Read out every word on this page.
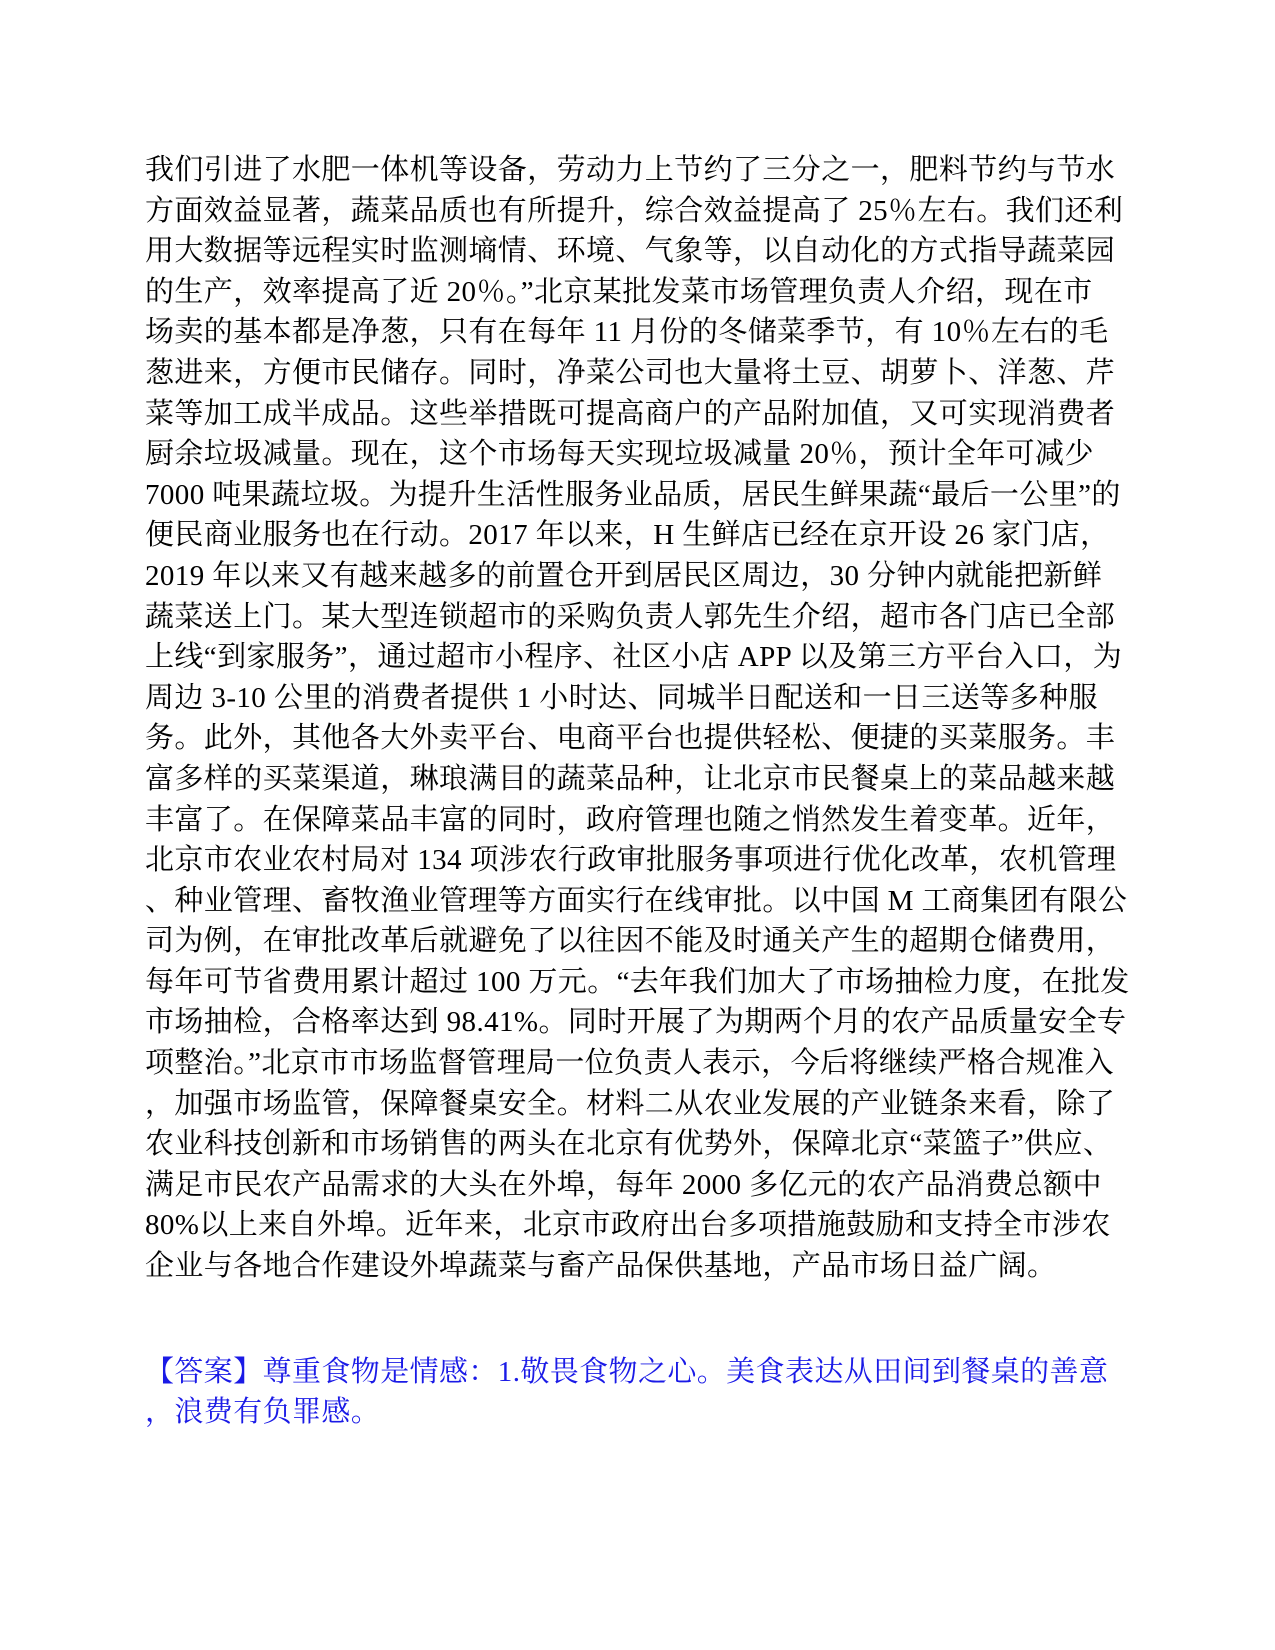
我们引进了水肥一体机等设备，劳动力上节约了三分之一，肥料节约与节水
方面效益显著，蔬菜品质也有所提升，综合效益提高了 25％左右。我们还利
用大数据等远程实时监测墒情、环境、气象等，以自动化的方式指导蔬菜园
的生产，效率提高了近 20％。”北京某批发菜市场管理负责人介绍，现在市
场卖的基本都是净葱，只有在每年 11 月份的冬储菜季节，有 10％左右的毛
葱进来，方便市民储存。同时，净菜公司也大量将土豆、胡萝卜、洋葱、芹
菜等加工成半成品。这些举措既可提高商户的产品附加值，又可实现消费者
厨余垃圾减量。现在，这个市场每天实现垃圾减量 20％，预计全年可减少
7000 吨果蔬垃圾。为提升生活性服务业品质，居民生鲜果蔬“最后一公里”的
便民商业服务也在行动。2017 年以来，H 生鲜店已经在京开设 26 家门店，
2019 年以来又有越来越多的前置仓开到居民区周边，30 分钟内就能把新鲜
蔬菜送上门。某大型连锁超市的采购负责人郭先生介绍，超市各门店已全部
上线“到家服务”，通过超市小程序、社区小店 APP 以及第三方平台入口，为
周边 3-10 公里的消费者提供 1 小时达、同城半日配送和一日三送等多种服
务。此外，其他各大外卖平台、电商平台也提供轻松、便捷的买菜服务。丰
富多样的买菜渠道，琳琅满目的蔬菜品种，让北京市民餐桌上的菜品越来越
丰富了。在保障菜品丰富的同时，政府管理也随之悄然发生着变革。近年，
北京市农业农村局对 134 项涉农行政审批服务事项进行优化改革，农机管理
、种业管理、畜牧渔业管理等方面实行在线审批。以中国 M 工商集团有限公
司为例，在审批改革后就避免了以往因不能及时通关产生的超期仓储费用，
每年可节省费用累计超过 100 万元。“去年我们加大了市场抽检力度，在批发
市场抽检，合格率达到 98.41%。同时开展了为期两个月的农产品质量安全专
项整治。”北京市市场监督管理局一位负责人表示，今后将继续严格合规准入
，加强市场监管，保障餐桌安全。材料二从农业发展的产业链条来看，除了
农业科技创新和市场销售的两头在北京有优势外，保障北京“菜篮子”供应、
满足市民农产品需求的大头在外埠，每年 2000 多亿元的农产品消费总额中
80%以上来自外埠。近年来，北京市政府出台多项措施鼓励和支持全市涉农
企业与各地合作建设外埠蔬菜与畜产品保供基地，产品市场日益广阔。
【答案】尊重食物是情感：1.敬畏食物之心。美食表达从田间到餐桌的善意
，浪费有负罪感。
